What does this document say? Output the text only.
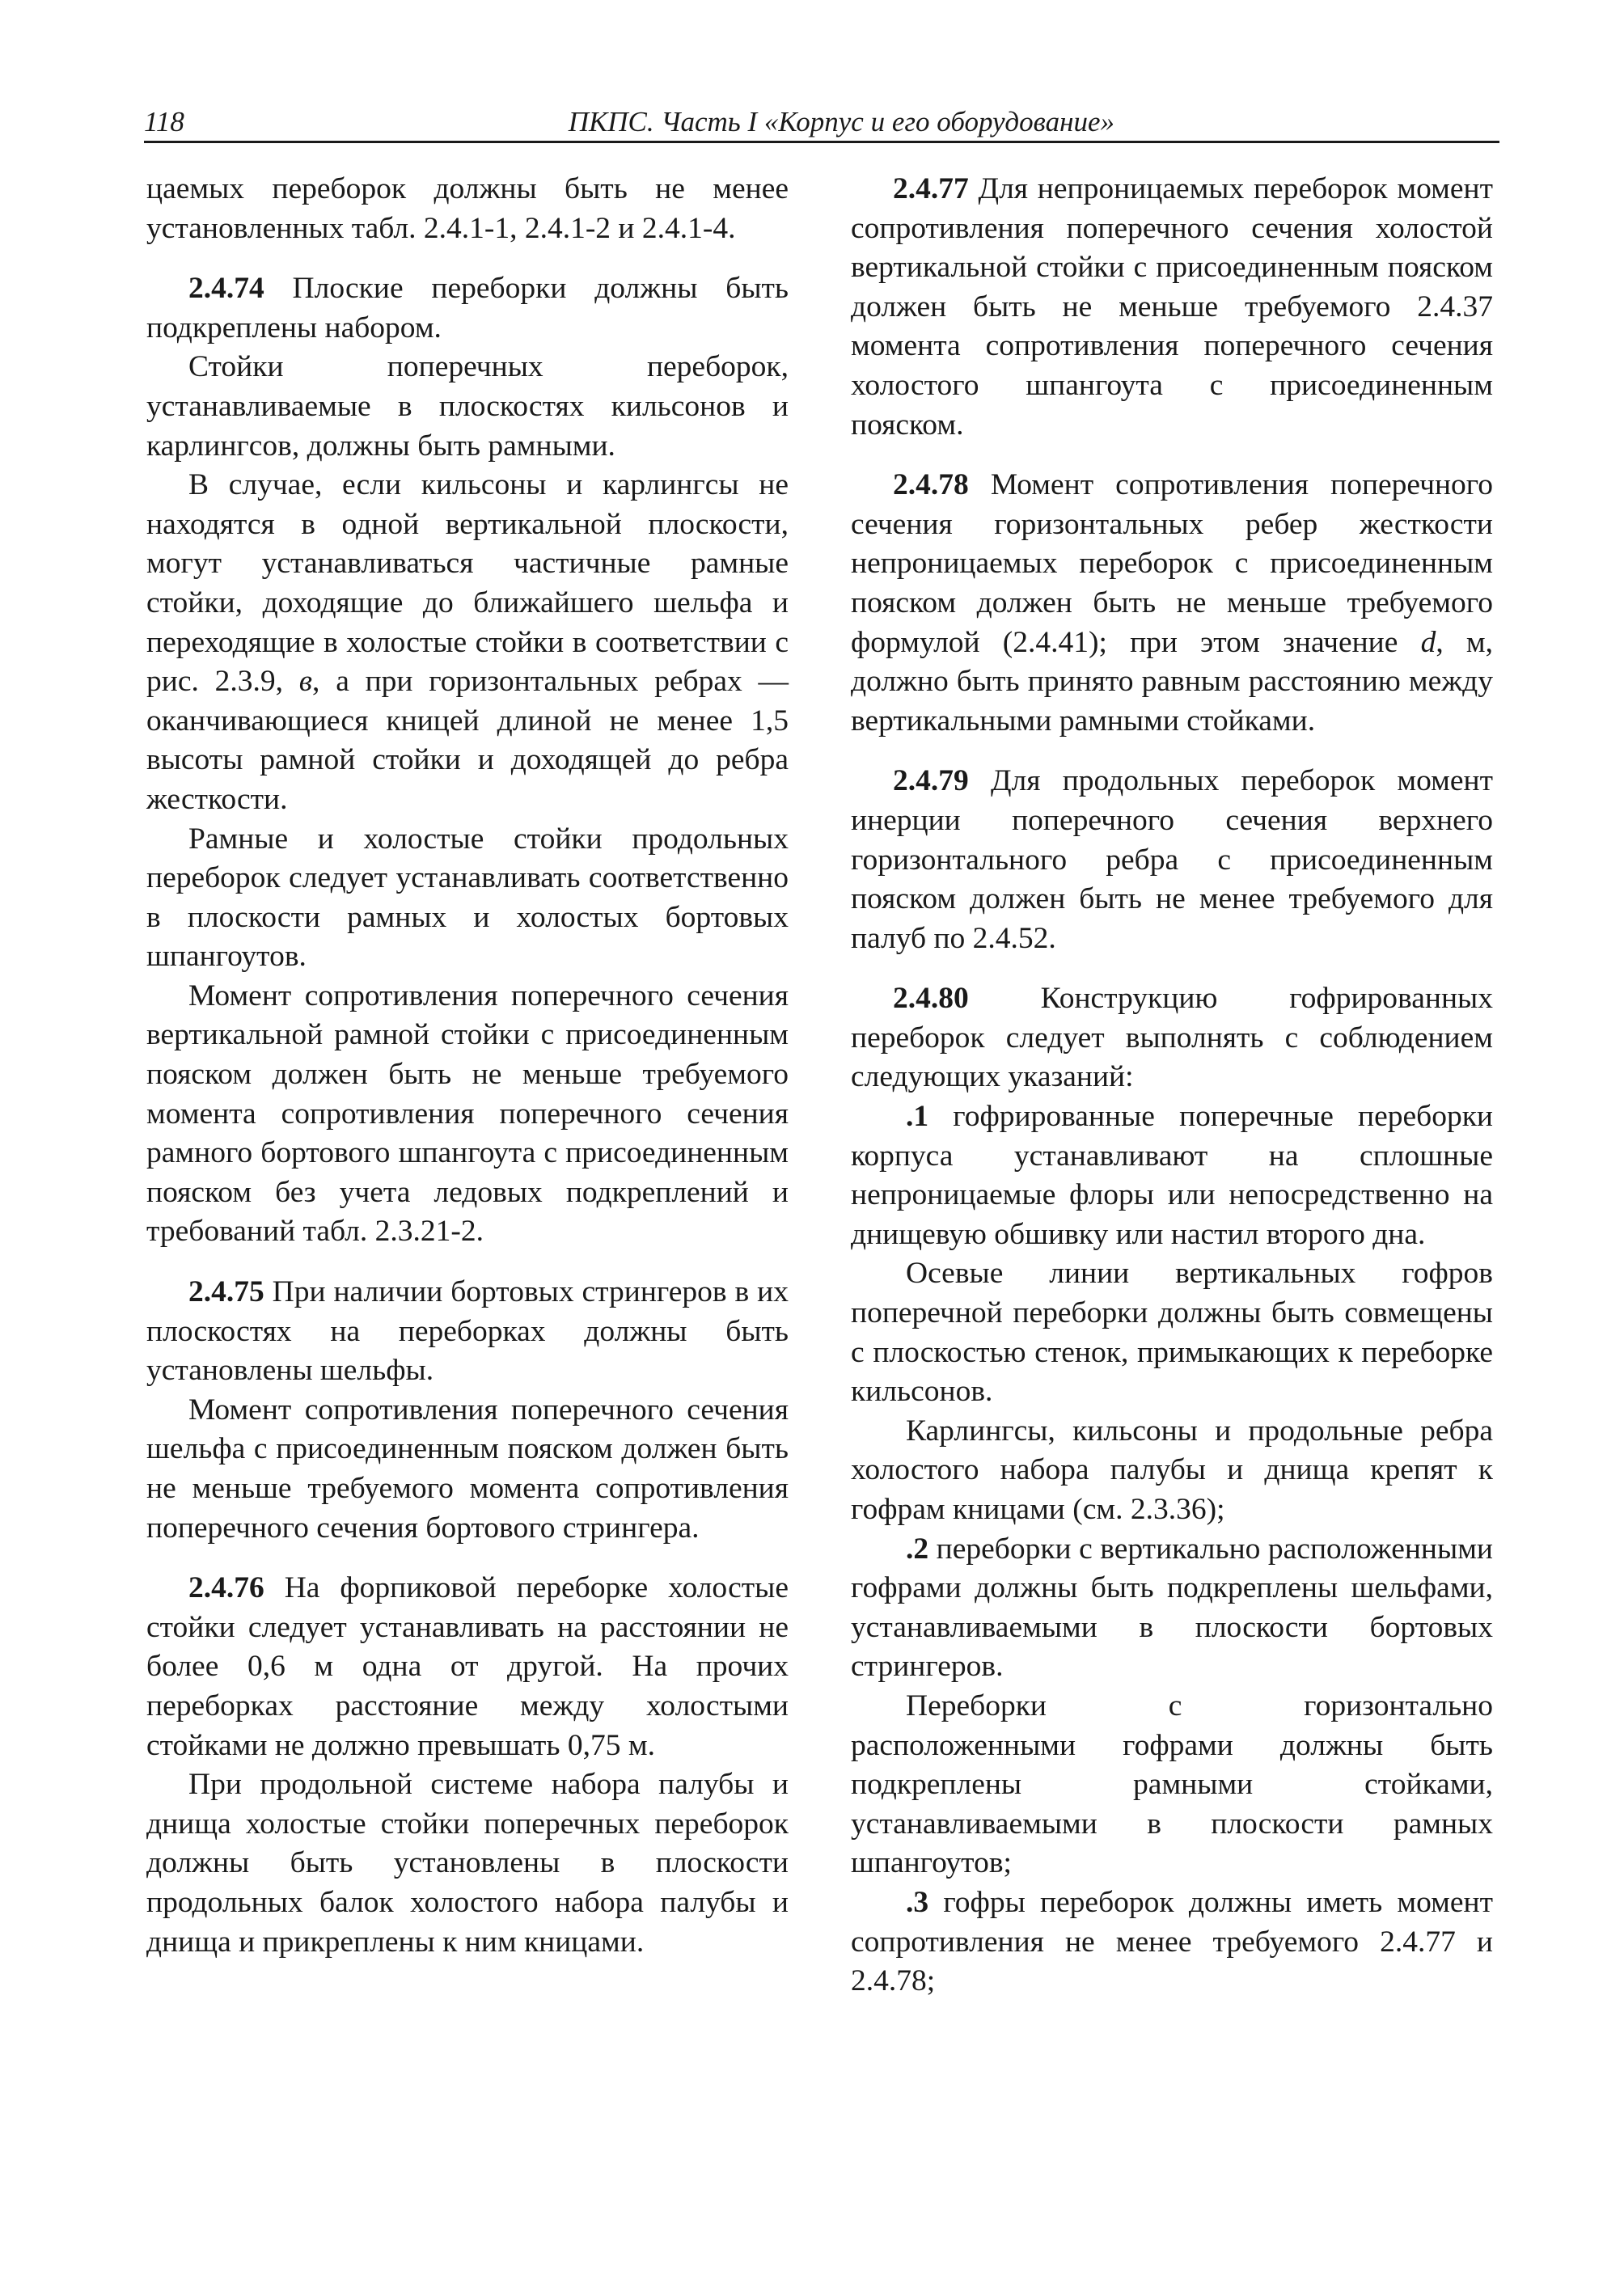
118	ПКПС. Часть I «Корпус и его оборудование»

цаемых переборок должны быть не менее установленных табл. 2.4.1-1, 2.4.1-2 и 2.4.1-4.

2.4.74 Плоские переборки должны быть подкреплены набором.

Стойки поперечных переборок, устанавливаемые в плоскостях кильсонов и карлингсов, должны быть рамными.

В случае, если кильсоны и карлингсы не находятся в одной вертикальной плоскости, могут устанавливаться частичные рамные стойки, доходящие до ближайшего шельфа и переходящие в холостые стойки в соответствии с рис. 2.3.9, в, а при горизонтальных ребрах — оканчивающиеся кницей длиной не менее 1,5 высоты рамной стойки и доходящей до ребра жесткости.

Рамные и холостые стойки продольных переборок следует устанавливать соответственно в плоскости рамных и холостых бортовых шпангоутов.

Момент сопротивления поперечного сечения вертикальной рамной стойки с присоединенным пояском должен быть не меньше требуемого момента сопротивления поперечного сечения рамного бортового шпангоута с присоединенным пояском без учета ледовых подкреплений и требований табл. 2.3.21-2.

2.4.75 При наличии бортовых стрингеров в их плоскостях на переборках должны быть установлены шельфы.

Момент сопротивления поперечного сечения шельфа с присоединенным пояском должен быть не меньше требуемого момента сопротивления поперечного сечения бортового стрингера.

2.4.76 На форпиковой переборке холостые стойки следует устанавливать на расстоянии не более 0,6 м одна от другой. На прочих переборках расстояние между холостыми стойками не должно превышать 0,75 м.

При продольной системе набора палубы и днища холостые стойки поперечных переборок должны быть установлены в плоскости продольных балок холостого набора палубы и днища и прикреплены к ним кницами.

2.4.77 Для непроницаемых переборок момент сопротивления поперечного сечения холостой вертикальной стойки с присоединенным пояском должен быть не меньше требуемого 2.4.37 момента сопротивления поперечного сечения холостого шпангоута с присоединенным пояском.

2.4.78 Момент сопротивления поперечного сечения горизонтальных ребер жесткости непроницаемых переборок с присоединенным пояском должен быть не меньше требуемого формулой (2.4.41); при этом значение d, м, должно быть принято равным расстоянию между вертикальными рамными стойками.

2.4.79 Для продольных переборок момент инерции поперечного сечения верхнего горизонтального ребра с присоединенным пояском должен быть не менее требуемого для палуб по 2.4.52.

2.4.80 Конструкцию гофрированных переборок следует выполнять с соблюдением следующих указаний:

.1 гофрированные поперечные переборки корпуса устанавливают на сплошные непроницаемые флоры или непосредственно на днищевую обшивку или настил второго дна.

Осевые линии вертикальных гофров поперечной переборки должны быть совмещены с плоскостью стенок, примыкающих к переборке кильсонов.

Карлингсы, кильсоны и продольные ребра холостого набора палубы и днища крепят к гофрам кницами (см. 2.3.36);

.2 переборки с вертикально расположенными гофрами должны быть подкреплены шельфами, устанавливаемыми в плоскости бортовых стрингеров.

Переборки с горизонтально расположенными гофрами должны быть подкреплены рамными стойками, устанавливаемыми в плоскости рамных шпангоутов;

.3 гофры переборок должны иметь момент сопротивления не менее требуемого 2.4.77 и 2.4.78;
